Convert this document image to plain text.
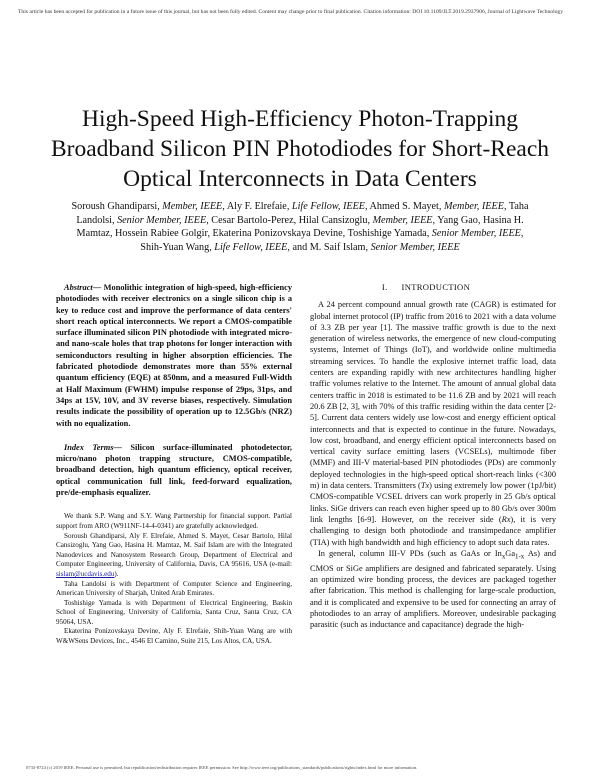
This article has been accepted for publication in a future issue of this journal, but has not been fully edited. Content may change prior to final publication. Citation information: DOI 10.1109/JLT.2019.2937906, Journal of Lightwave Technology
High-Speed High-Efficiency Photon-Trapping Broadband Silicon PIN Photodiodes for Short-Reach Optical Interconnects in Data Centers
Soroush Ghandiparsi, Member, IEEE, Aly F. Elrefaie, Life Fellow, IEEE, Ahmed S. Mayet, Member, IEEE, Taha Landolsi, Senior Member, IEEE, Cesar Bartolo-Perez, Hilal Cansizoglu, Member, IEEE, Yang Gao, Hasina H. Mamtaz, Hossein Rabiee Golgir, Ekaterina Ponizovskaya Devine, Toshishige Yamada, Senior Member, IEEE, Shih-Yuan Wang, Life Fellow, IEEE, and M. Saif Islam, Senior Member, IEEE

Abstract— Monolithic integration of high-speed, high-efficiency photodiodes with receiver electronics on a single silicon chip is a key to reduce cost and improve the performance of data centers' short reach optical interconnects. We report a CMOS-compatible surface illuminated silicon PIN photodiode with integrated micro- and nano-scale holes that trap photons for longer interaction with semiconductors resulting in higher absorption efficiencies. The fabricated photodiode demonstrates more than 55% external quantum efficiency (EQE) at 850nm, and a measured Full-Width at Half Maximum (FWHM) impulse response of 29ps, 31ps, and 34ps at 15V, 10V, and 3V reverse biases, respectively. Simulation results indicate the possibility of operation up to 12.5Gb/s (NRZ) with no equalization.

Index Terms— Silicon surface-illuminated photodetector, micro/nano photon trapping structure, CMOS-compatible, broadband detection, high quantum efficiency, optical receiver, optical communication full link, feed-forward equalization, pre/de-emphasis equalizer.

We thank S.P. Wang and S.Y. Wang Partnership for financial support. Partial support from ARO (W911NF-14-4-0341) are gratefully acknowledged.

Soroush Ghandiparsi, Aly F. Elrefaie, Ahmed S. Mayet, Cesar Bartolo, Hilal Cansizoglu, Yang Gao, Hasina H. Mamtaz, M. Saif Islam are with the Integrated Nanodevices and Nanosystem Research Group, Department of Electrical and Computer Engineering, University of California, Davis, CA 95616, USA (e-mail: sislam@ucdavis.edu).

Taha Landolsi is with Department of Computer Science and Engineering, American University of Sharjah, United Arab Emirates.

Toshishige Yamada is with Department of Electrical Engineering, Baskin School of Engineering, University of California, Santa Cruz, Santa Cruz, CA 95064, USA.

Ekaterina Ponizovskaya Devine, Aly F. Elrefaie, Shih-Yuan Wang are with W&WSens Devices, Inc., 4546 El Camino, Suite 215, Los Altos, CA, USA.

I. INTRODUCTION

A 24 percent compound annual growth rate (CAGR) is estimated for global internet protocol (IP) traffic from 2016 to 2021 with a data volume of 3.3 ZB per year [1]. The massive traffic growth is due to the next generation of wireless networks, the emergence of new cloud-computing systems, Internet of Things (IoT), and worldwide online multimedia streaming services. To handle the explosive internet traffic load, data centers are expanding rapidly with new architectures handling higher traffic volumes relative to the Internet. The amount of annual global data centers traffic in 2018 is estimated to be 11.6 ZB and by 2021 will reach 20.6 ZB [2, 3], with 70% of this traffic residing within the data center [2-5]. Current data centers widely use low-cost and energy efficient optical interconnects and that is expected to continue in the future. Nowadays, low cost, broadband, and energy efficient optical interconnects based on vertical cavity surface emitting lasers (VCSELs), multimode fiber (MMF) and III-V material-based PIN photodiodes (PDs) are commonly deployed technologies in the high-speed optical short-reach links (<300 m) in data centers. Transmitters (Tx) using extremely low power (1pJ/bit) CMOS-compatible VCSEL drivers can work properly in 25 Gb/s optical links. SiGe drivers can reach even higher speed up to 80 Gb/s over 300m link lengths [6-9]. However, on the receiver side (Rx), it is very challenging to design both photodiode and transimpedance amplifier (TIA) with high bandwidth and high efficiency to adopt such data rates.

In general, column III-V PDs (such as GaAs or $In_xGa_{1-x}$ As) and CMOS or SiGe amplifiers are designed and fabricated separately. Using an optimized wire bonding process, the devices are packaged together after fabrication. This method is challenging for large-scale production, and it is complicated and expensive to be used for connecting an array of photodiodes to an array of amplifiers. Moreover, undesirable packaging parasitic (such as inductance and capacitance) degrade the high-

0733-8724 (c) 2019 IEEE. Personal use is permitted, but republication/redistribution requires IEEE permission. See http://www.ieee.org/publications_standards/publications/rights/index.html for more information.
